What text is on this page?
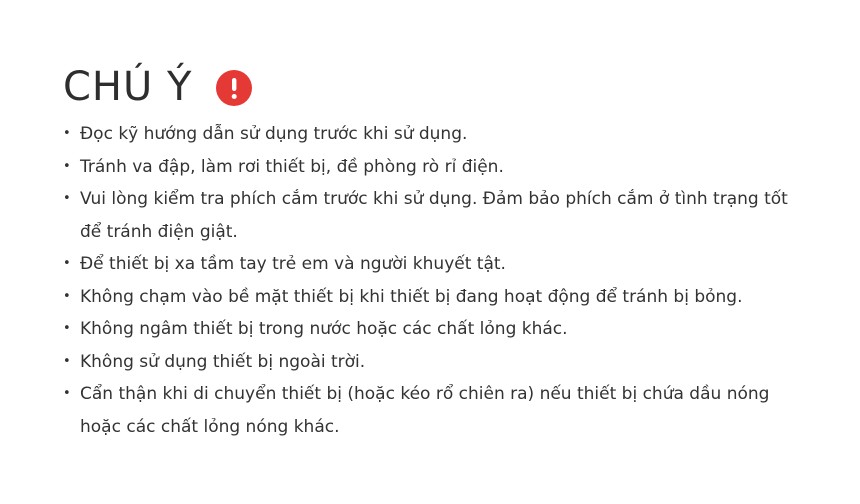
CHÚ Ý
• Đọc kỹ hướng dẫn sử dụng trước khi sử dụng.
• Tránh va đập, làm rơi thiết bị, đề phòng rò rỉ điện.
• Vui lòng kiểm tra phích cắm trước khi sử dụng. Đảm bảo phích cắm ở tình trạng tốt để tránh điện giật.
• Để thiết bị xa tầm tay trẻ em và người khuyết tật.
• Không chạm vào bề mặt thiết bị khi thiết bị đang hoạt động để tránh bị bỏng.
• Không ngâm thiết bị trong nước hoặc các chất lỏng khác.
• Không sử dụng thiết bị ngoài trời.
• Cẩn thận khi di chuyển thiết bị (hoặc kéo rổ chiên ra) nếu thiết bị chứa dầu nóng hoặc các chất lỏng nóng khác.
